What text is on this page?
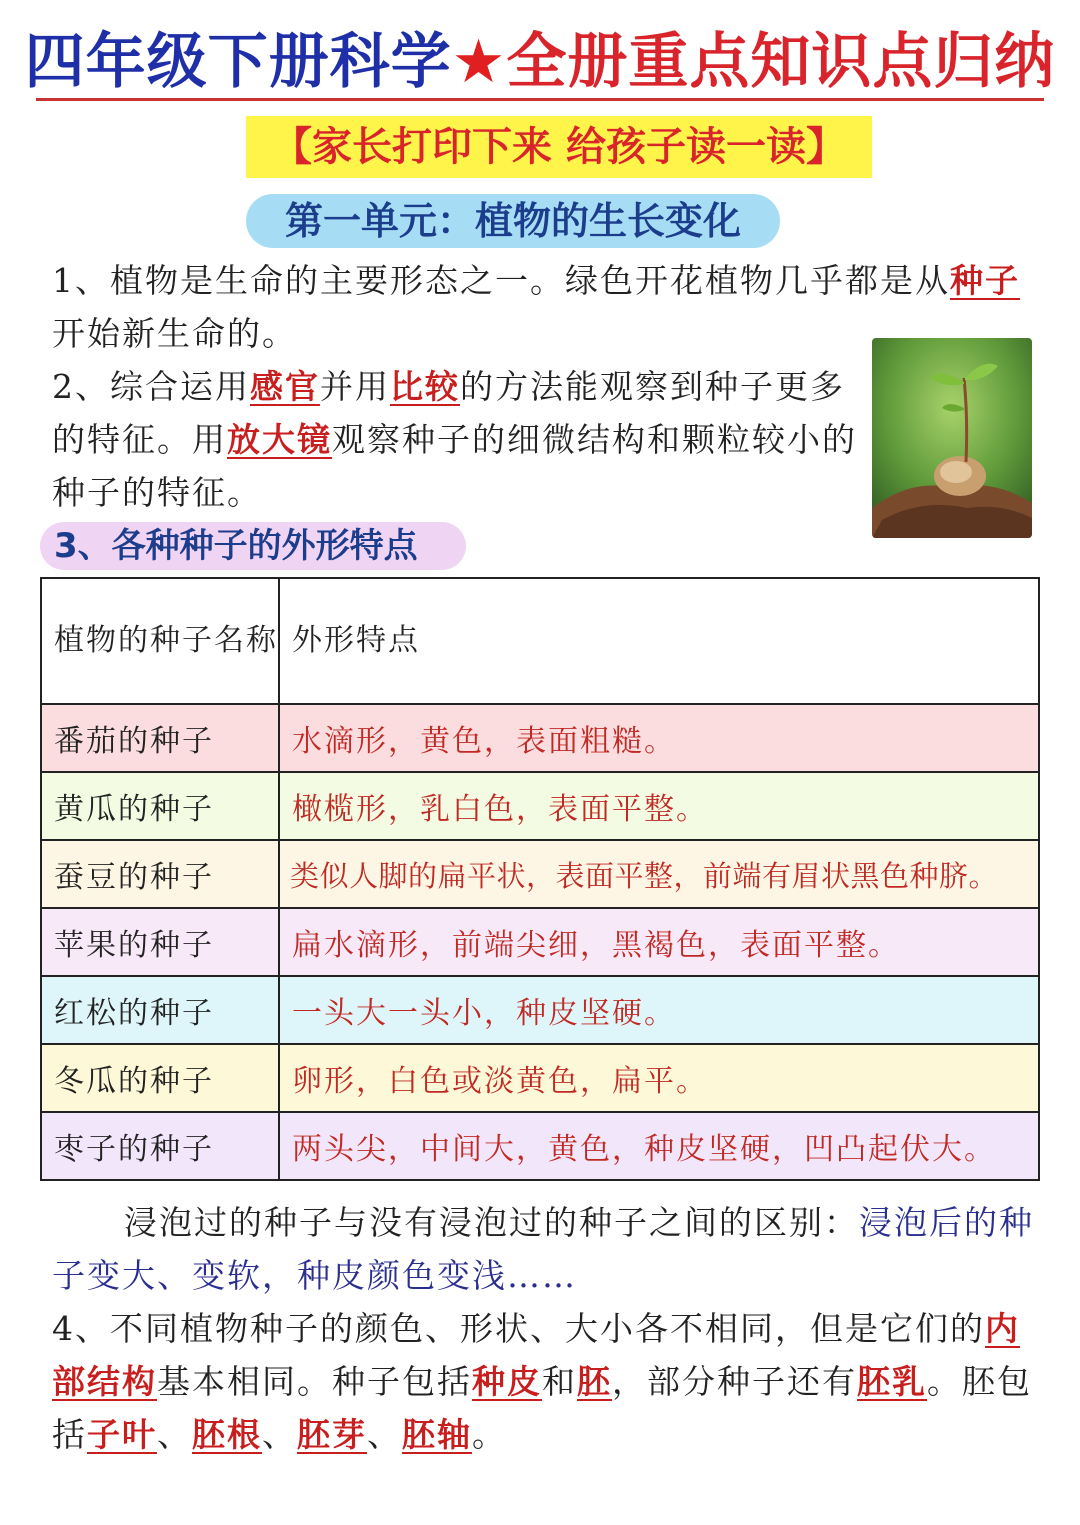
四年级下册科学★全册重点知识点归纳
【家长打印下来 给孩子读一读】
第一单元：植物的生长变化
1、植物是生命的主要形态之一。绿色开花植物几乎都是从种子开始新生命的。
2、综合运用感官并用比较的方法能观察到种子更多的特征。用放大镜观察种子的细微结构和颗粒较小的种子的特征。
3、各种种子的外形特点
植物的种子名称	外形特点
番茄的种子	水滴形，黄色，表面粗糙。
黄瓜的种子	橄榄形，乳白色，表面平整。
蚕豆的种子	类似人脚的扁平状，表面平整，前端有眉状黑色种脐。
苹果的种子	扁水滴形，前端尖细，黑褐色，表面平整。
红松的种子	一头大一头小，种皮坚硬。
冬瓜的种子	卵形，白色或淡黄色，扁平。
枣子的种子	两头尖，中间大，黄色，种皮坚硬，凹凸起伏大。
浸泡过的种子与没有浸泡过的种子之间的区别：浸泡后的种子变大、变软，种皮颜色变浅……
4、不同植物种子的颜色、形状、大小各不相同，但是它们的内部结构基本相同。种子包括种皮和胚，部分种子还有胚乳。胚包括子叶、胚根、胚芽、胚轴。
